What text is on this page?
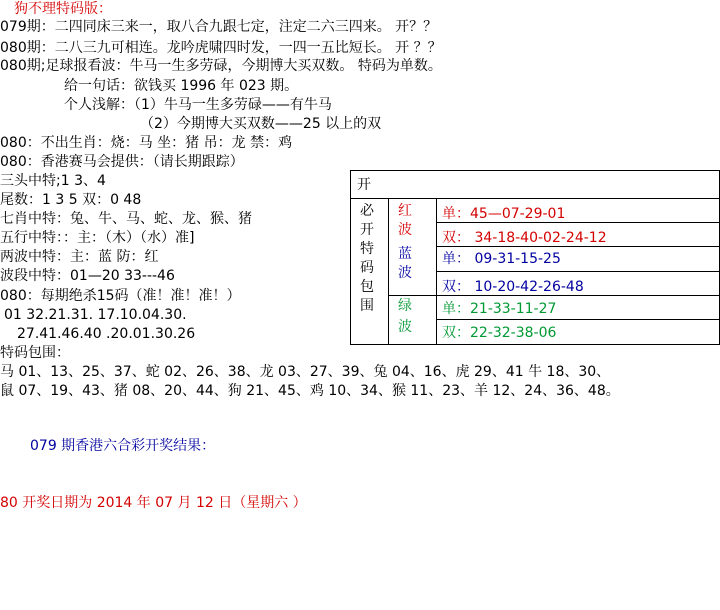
狗不理特码版：
079期：二四同床三来一，取八合九跟七定，注定二六三四来。 开？？
080期：二八三九可相连。龙吟虎啸四时发，一四一五比短长。 开 ？？
080期;足球报看波：牛马一生多劳碌，今期博大买双数。 特码为单数。
给一句话：欲钱买 1996 年 023 期。
个人浅解：（1）牛马一生多劳碌——有牛马
（2）今期博大买双数——25 以上的双
080：不出生肖：烧：马 坐：猪 吊：龙 禁：鸡
080：香港赛马会提供：（请长期跟踪）
三头中特;1 3、4
尾数：1 3 5 双：0 48
七肖中特：兔、牛、马、蛇、龙、猴、猪
五行中特：：主：（木）（水）准]
两波中特：主：蓝 防：红
波段中特：01—20 33---46
080：每期绝杀15码（准！准！准！）
01 32.21.31. 17.10.04.30.
27.41.46.40 .20.01.30.26
特码包围：
马 01、13、25、37、蛇 02、26、38、龙 03、27、39、兔 04、16、虎 29、41 牛 18、30、
鼠 07、19、43、猪 08、20、44、狗 21、45、鸡 10、34、猴 11、23、羊 12、24、36、48。
079 期香港六合彩开奖结果：
80 开奖日期为 2014 年 07 月 12 日（星期六 ）
开
必
开
特
码
包
围
红
波
单：45—07-29-01
双： 34-18-40-02-24-12
蓝
波
单： 09-31-15-25
双： 10-20-42-26-48
绿
波
单：21-33-11-27
双：22-32-38-06
